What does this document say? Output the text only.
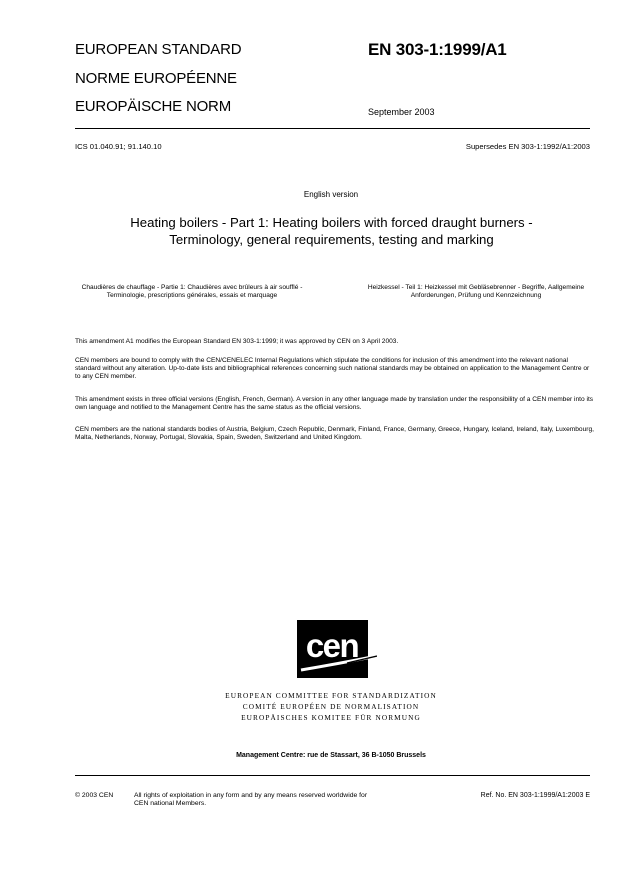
EUROPEAN STANDARD
NORME EUROPÉENNE
EUROPÄISCHE NORM
EN 303-1:1999/A1
September 2003
ICS 01.040.91; 91.140.10	Supersedes EN 303-1:1992/A1:2003
English version
Heating boilers - Part 1: Heating boilers with forced draught burners - Terminology, general requirements, testing and marking
Chaudières de chauffage - Partie 1: Chaudières avec brûleurs à air soufflé - Terminologie, prescriptions générales, essais et marquage
Heizkessel - Teil 1: Heizkessel mit Gebläsebrenner - Begriffe, Aallgemeine Anforderungen, Prüfung und Kennzeichnung
This amendment A1 modifies the European Standard EN 303-1:1999; it was approved by CEN on 3 April 2003.
CEN members are bound to comply with the CEN/CENELEC Internal Regulations which stipulate the conditions for inclusion of this amendment into the relevant national standard without any alteration. Up-to-date lists and bibliographical references concerning such national standards may be obtained on application to the Management Centre or to any CEN member.
This amendment exists in three official versions (English, French, German). A version in any other language made by translation under the responsibility of a CEN member into its own language and notified to the Management Centre has the same status as the official versions.
CEN members are the national standards bodies of Austria, Belgium, Czech Republic, Denmark, Finland, France, Germany, Greece, Hungary, Iceland, Ireland, Italy, Luxembourg, Malta, Netherlands, Norway, Portugal, Slovakia, Spain, Sweden, Switzerland and United Kingdom.
cen
EUROPEAN COMMITTEE FOR STANDARDIZATION
COMITÉ EUROPÉEN DE NORMALISATION
EUROPÄISCHES KOMITEE FÜR NORMUNG
Management Centre: rue de Stassart, 36 B-1050 Brussels
© 2003 CEN	All rights of exploitation in any form and by any means reserved worldwide for CEN national Members.
Ref. No. EN 303-1:1999/A1:2003 E
